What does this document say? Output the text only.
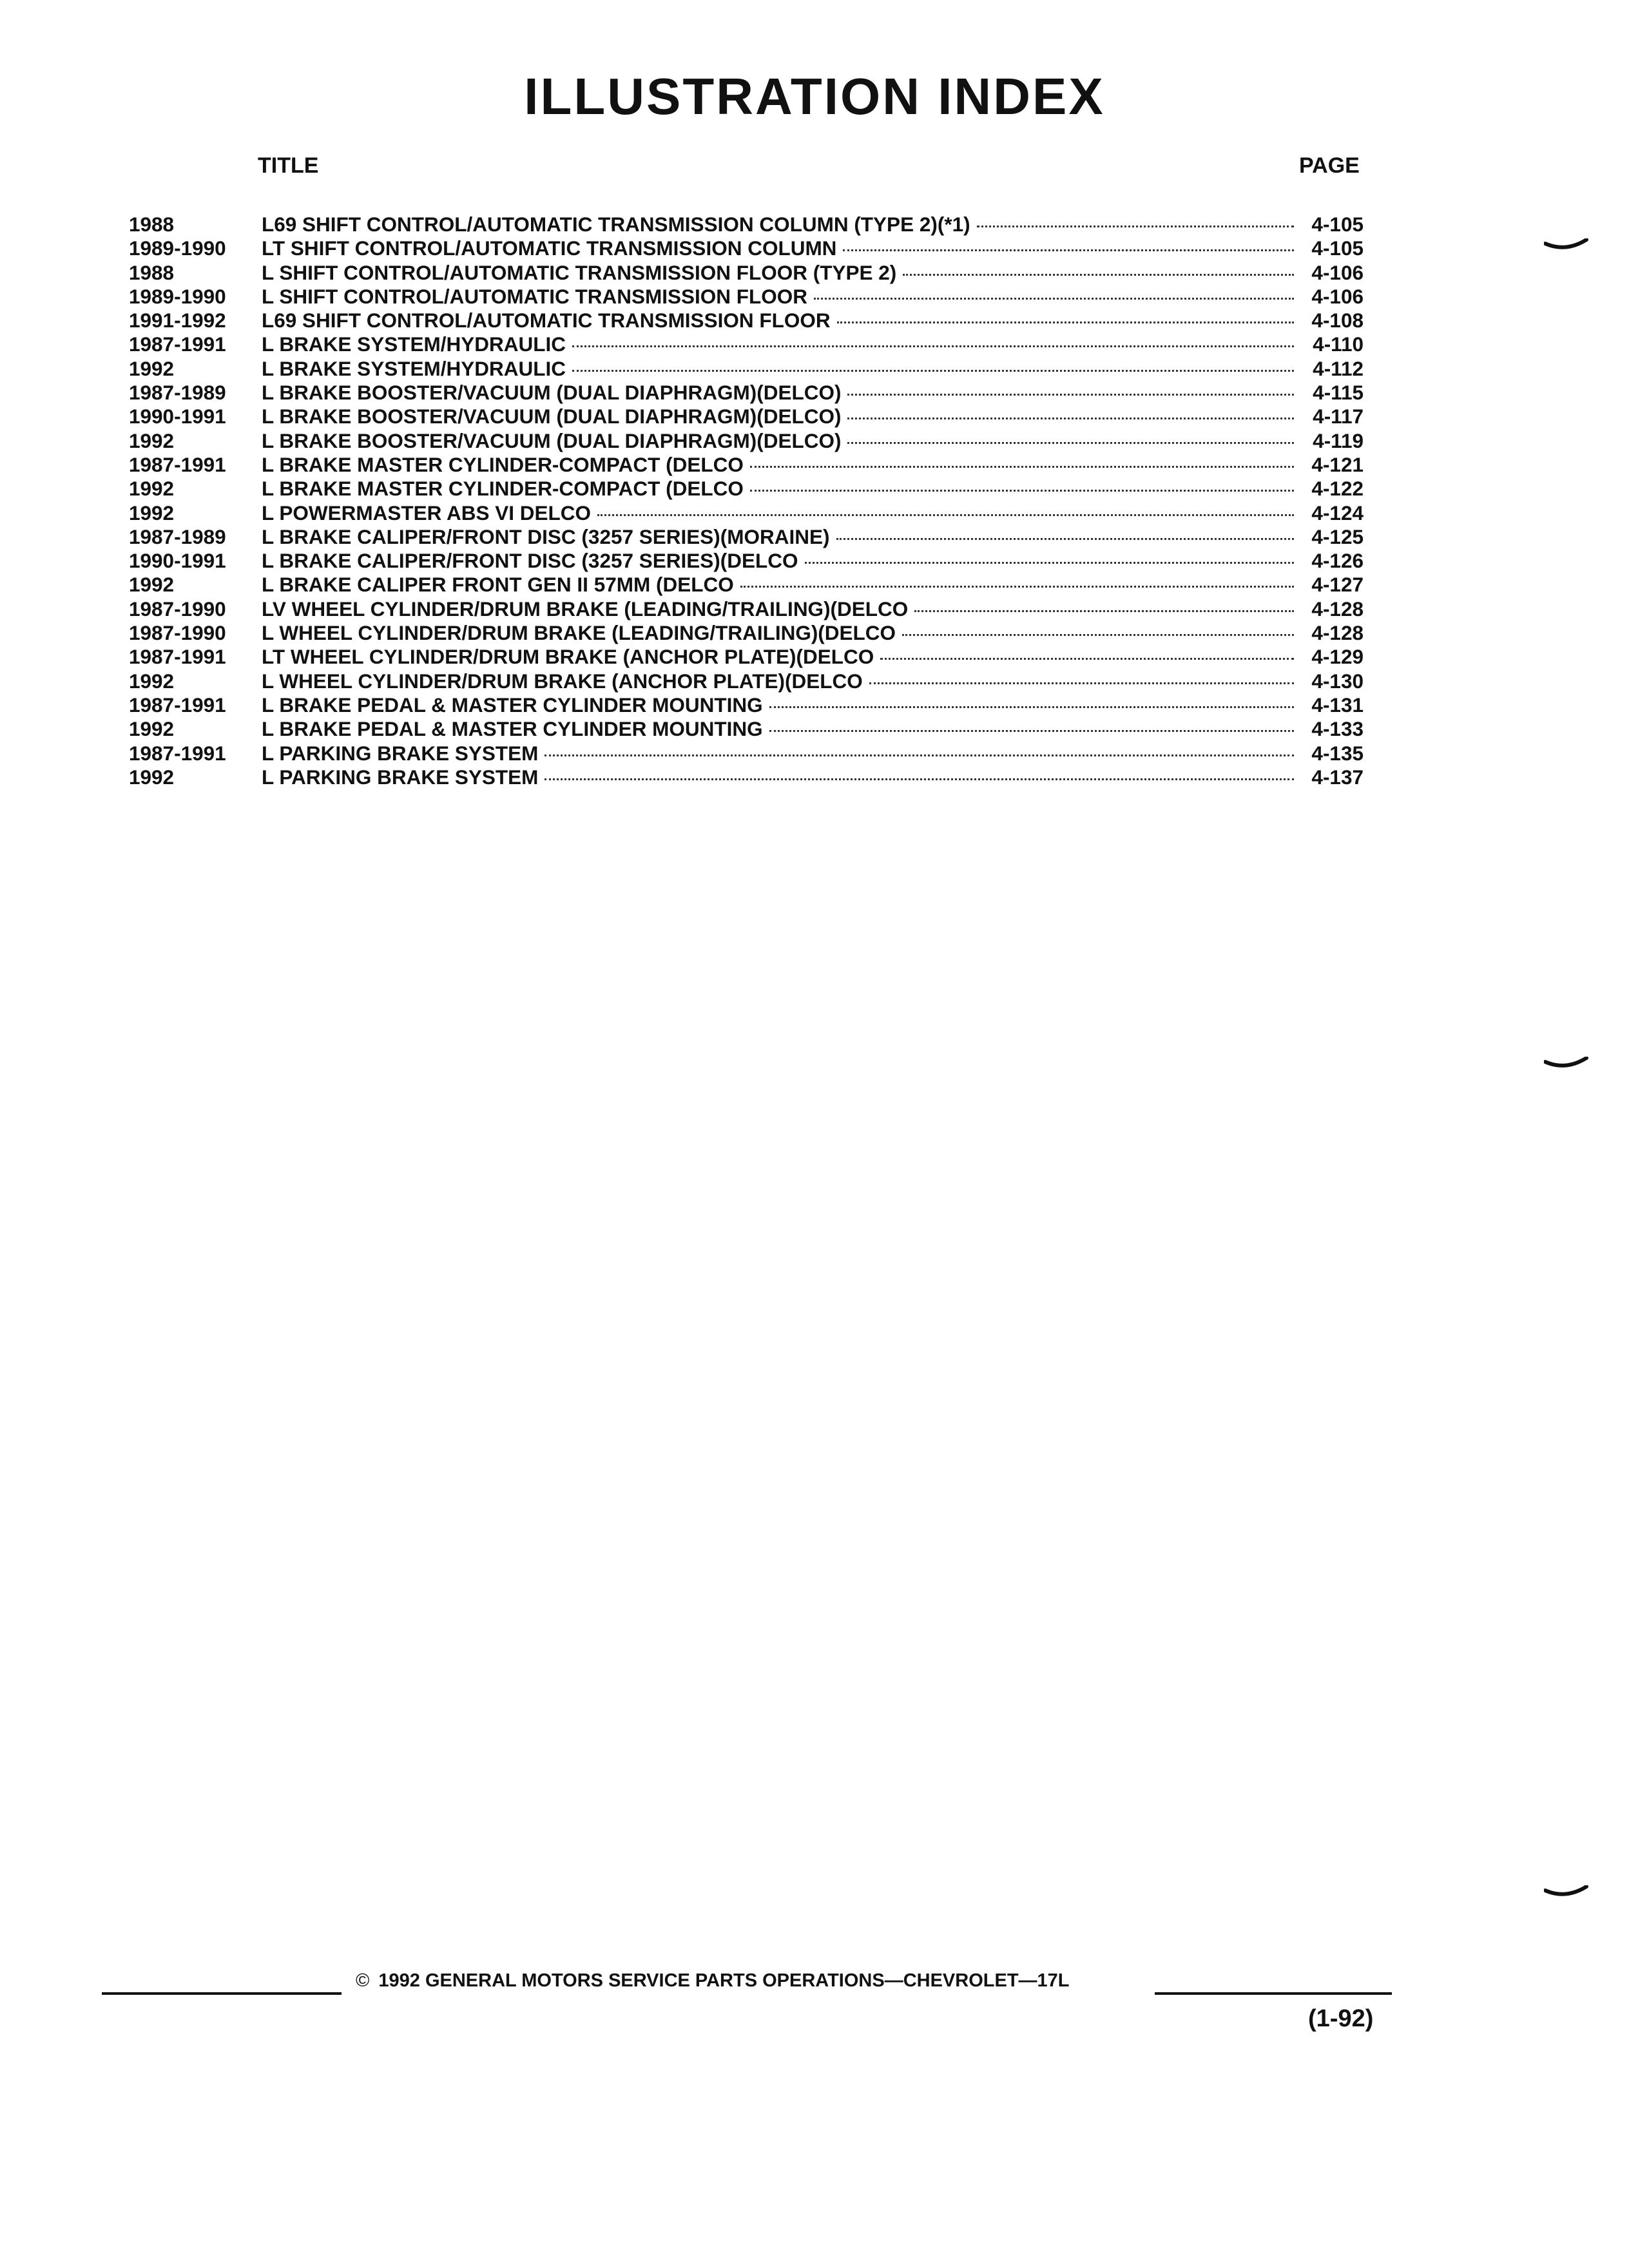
ILLUSTRATION INDEX
TITLE	PAGE
1988	L69 SHIFT CONTROL/AUTOMATIC TRANSMISSION COLUMN (TYPE 2)(*1)	4-105
1989-1990	LT SHIFT CONTROL/AUTOMATIC TRANSMISSION COLUMN	4-105
1988	L SHIFT CONTROL/AUTOMATIC TRANSMISSION FLOOR (TYPE 2)	4-106
1989-1990	L SHIFT CONTROL/AUTOMATIC TRANSMISSION FLOOR	4-106
1991-1992	L69 SHIFT CONTROL/AUTOMATIC TRANSMISSION FLOOR	4-108
1987-1991	L BRAKE SYSTEM/HYDRAULIC	4-110
1992	L BRAKE SYSTEM/HYDRAULIC	4-112
1987-1989	L BRAKE BOOSTER/VACUUM (DUAL DIAPHRAGM)(DELCO)	4-115
1990-1991	L BRAKE BOOSTER/VACUUM (DUAL DIAPHRAGM)(DELCO)	4-117
1992	L BRAKE BOOSTER/VACUUM (DUAL DIAPHRAGM)(DELCO)	4-119
1987-1991	L BRAKE MASTER CYLINDER-COMPACT (DELCO	4-121
1992	L BRAKE MASTER CYLINDER-COMPACT (DELCO	4-122
1992	L POWERMASTER ABS VI DELCO	4-124
1987-1989	L BRAKE CALIPER/FRONT DISC (3257 SERIES)(MORAINE)	4-125
1990-1991	L BRAKE CALIPER/FRONT DISC (3257 SERIES)(DELCO	4-126
1992	L BRAKE CALIPER FRONT GEN II 57MM (DELCO	4-127
1987-1990	LV WHEEL CYLINDER/DRUM BRAKE (LEADING/TRAILING)(DELCO	4-128
1987-1990	L WHEEL CYLINDER/DRUM BRAKE (LEADING/TRAILING)(DELCO	4-128
1987-1991	LT WHEEL CYLINDER/DRUM BRAKE (ANCHOR PLATE)(DELCO	4-129
1992	L WHEEL CYLINDER/DRUM BRAKE (ANCHOR PLATE)(DELCO	4-130
1987-1991	L BRAKE PEDAL & MASTER CYLINDER MOUNTING	4-131
1992	L BRAKE PEDAL & MASTER CYLINDER MOUNTING	4-133
1987-1991	L PARKING BRAKE SYSTEM	4-135
1992	L PARKING BRAKE SYSTEM	4-137
© 1992 GENERAL MOTORS SERVICE PARTS OPERATIONS—CHEVROLET—17L
(1-92)
